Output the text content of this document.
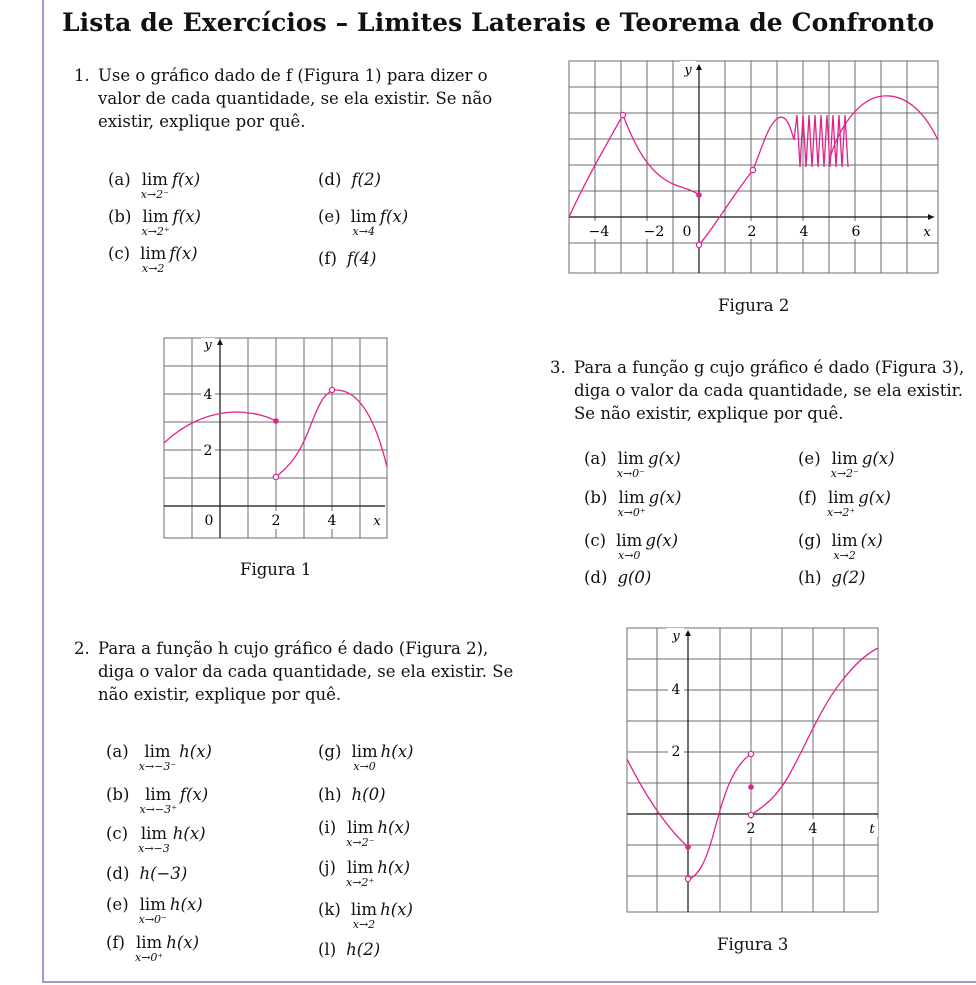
Lista de Exercícios – Limites Laterais e Teorema de Confronto
1. Use o gráfico dado de f (Figura 1) para dizer o valor de cada quantidade, se ela existir. Se não existir, explique por quê.
(a) lim
x→2⁻
f(x)
(b) lim
x→2⁺
f(x)
(c) lim
x→2
f(x)
(d) f(2)
(e) lim
x→4
f(x)
(f) f(4)
−4 −2 0	2	4	6	x
y
Figura 2
4
2
0	2	4	x
y
Figura 1
3. Para a função g cujo gráfico é dado (Figura 3), diga o valor da cada quantidade, se ela existir. Se não existir, explique por quê.
(a) lim
x→0⁻
g(x)
(b) lim
x→0⁺
g(x)
(c) lim
x→0
g(x)
(d) g(0)
(e) lim
x→2⁻
g(x)
(f) lim
x→2⁺
g(x)
(g) lim
x→2
(x)
(h) g(2)
2. Para a função h cujo gráfico é dado (Figura 2), diga o valor da cada quantidade, se ela existir. Se não existir, explique por quê.
(a) lim
x→−3⁻
h(x)
(b) lim
x→−3⁺
f(x)
(c) lim
x→−3
h(x)
(d) h(−3)
(e) lim
x→0⁻
h(x)
(f) lim
x→0⁺
h(x)
(g) lim
x→0
h(x)
(h) h(0)
(i) lim
x→2⁻
h(x)
(j) lim
x→2⁺
h(x)
(k) lim
x→2
h(x)
(l) h(2)
4
2
2	4	t
y
Figura 3
